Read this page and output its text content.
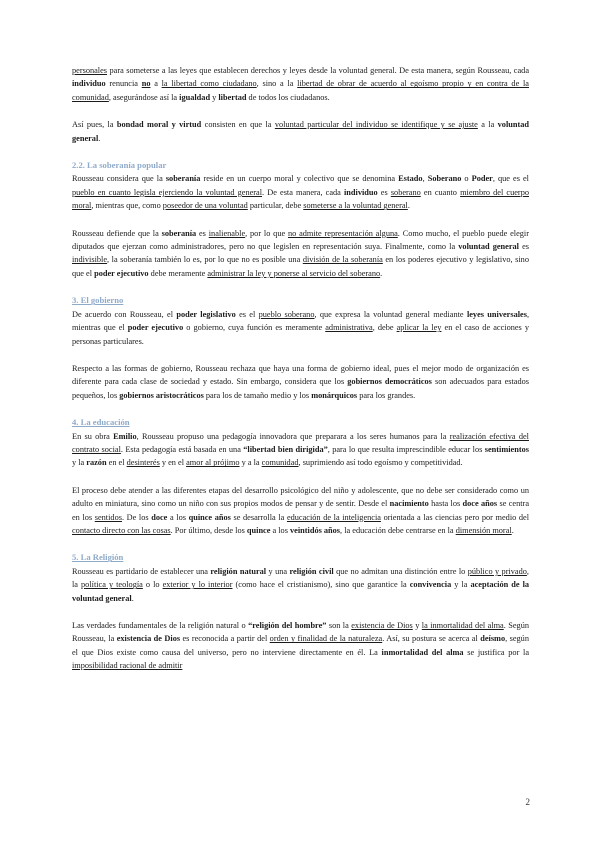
personales para someterse a las leyes que establecen derechos y leyes desde la voluntad general. De esta manera, según Rousseau, cada individuo renuncia no a la libertad como ciudadano, sino a la libertad de obrar de acuerdo al egoísmo propio y en contra de la comunidad, asegurándose así la igualdad y libertad de todos los ciudadanos.

Así pues, la bondad moral y virtud consisten en que la voluntad particular del individuo se identifique y se ajuste a la voluntad general.

2.2. La soberanía popular

Rousseau considera que la soberanía reside en un cuerpo moral y colectivo que se denomina Estado, Soberano o Poder, que es el pueblo en cuanto legisla ejerciendo la voluntad general. De esta manera, cada individuo es soberano en cuanto miembro del cuerpo moral, mientras que, como poseedor de una voluntad particular, debe someterse a la voluntad general.

Rousseau defiende que la soberanía es inalienable, por lo que no admite representación alguna. Como mucho, el pueblo puede elegir diputados que ejerzan como administradores, pero no que legislen en representación suya. Finalmente, como la voluntad general es indivisible, la soberanía también lo es, por lo que no es posible una división de la soberanía en los poderes ejecutivo y legislativo, sino que el poder ejecutivo debe meramente administrar la ley y ponerse al servicio del soberano.

3. El gobierno

De acuerdo con Rousseau, el poder legislativo es el pueblo soberano, que expresa la voluntad general mediante leyes universales, mientras que el poder ejecutivo o gobierno, cuya función es meramente administrativa, debe aplicar la ley en el caso de acciones y personas particulares.

Respecto a las formas de gobierno, Rousseau rechaza que haya una forma de gobierno ideal, pues el mejor modo de organización es diferente para cada clase de sociedad y estado. Sin embargo, considera que los gobiernos democráticos son adecuados para estados pequeños, los gobiernos aristocráticos para los de tamaño medio y los monárquicos para los grandes.

4. La educación

En su obra Emilio, Rousseau propuso una pedagogía innovadora que preparara a los seres humanos para la realización efectiva del contrato social. Esta pedagogía está basada en una “libertad bien dirigida”, para lo que resulta imprescindible educar los sentimientos y la razón en el desinterés y en el amor al prójimo y a la comunidad, suprimiendo así todo egoísmo y competitividad.

El proceso debe atender a las diferentes etapas del desarrollo psicológico del niño y adolescente, que no debe ser considerado como un adulto en miniatura, sino como un niño con sus propios modos de pensar y de sentir. Desde el nacimiento hasta los doce años se centra en los sentidos. De los doce a los quince años se desarrolla la educación de la inteligencia orientada a las ciencias pero por medio del contacto directo con las cosas. Por último, desde los quince a los veintidós años, la educación debe centrarse en la dimensión moral.

5. La Religión

Rousseau es partidario de establecer una religión natural y una religión civil que no admitan una distinción entre lo público y privado, la política y teología o lo exterior y lo interior (como hace el cristianismo), sino que garantice la convivencia y la aceptación de la voluntad general.

Las verdades fundamentales de la religión natural o “religión del hombre” son la existencia de Dios y la inmortalidad del alma. Según Rousseau, la existencia de Dios es reconocida a partir del orden y finalidad de la naturaleza. Así, su postura se acerca al deísmo, según el que Dios existe como causa del universo, pero no interviene directamente en él. La inmortalidad del alma se justifica por la imposibilidad racional de admitir

2
